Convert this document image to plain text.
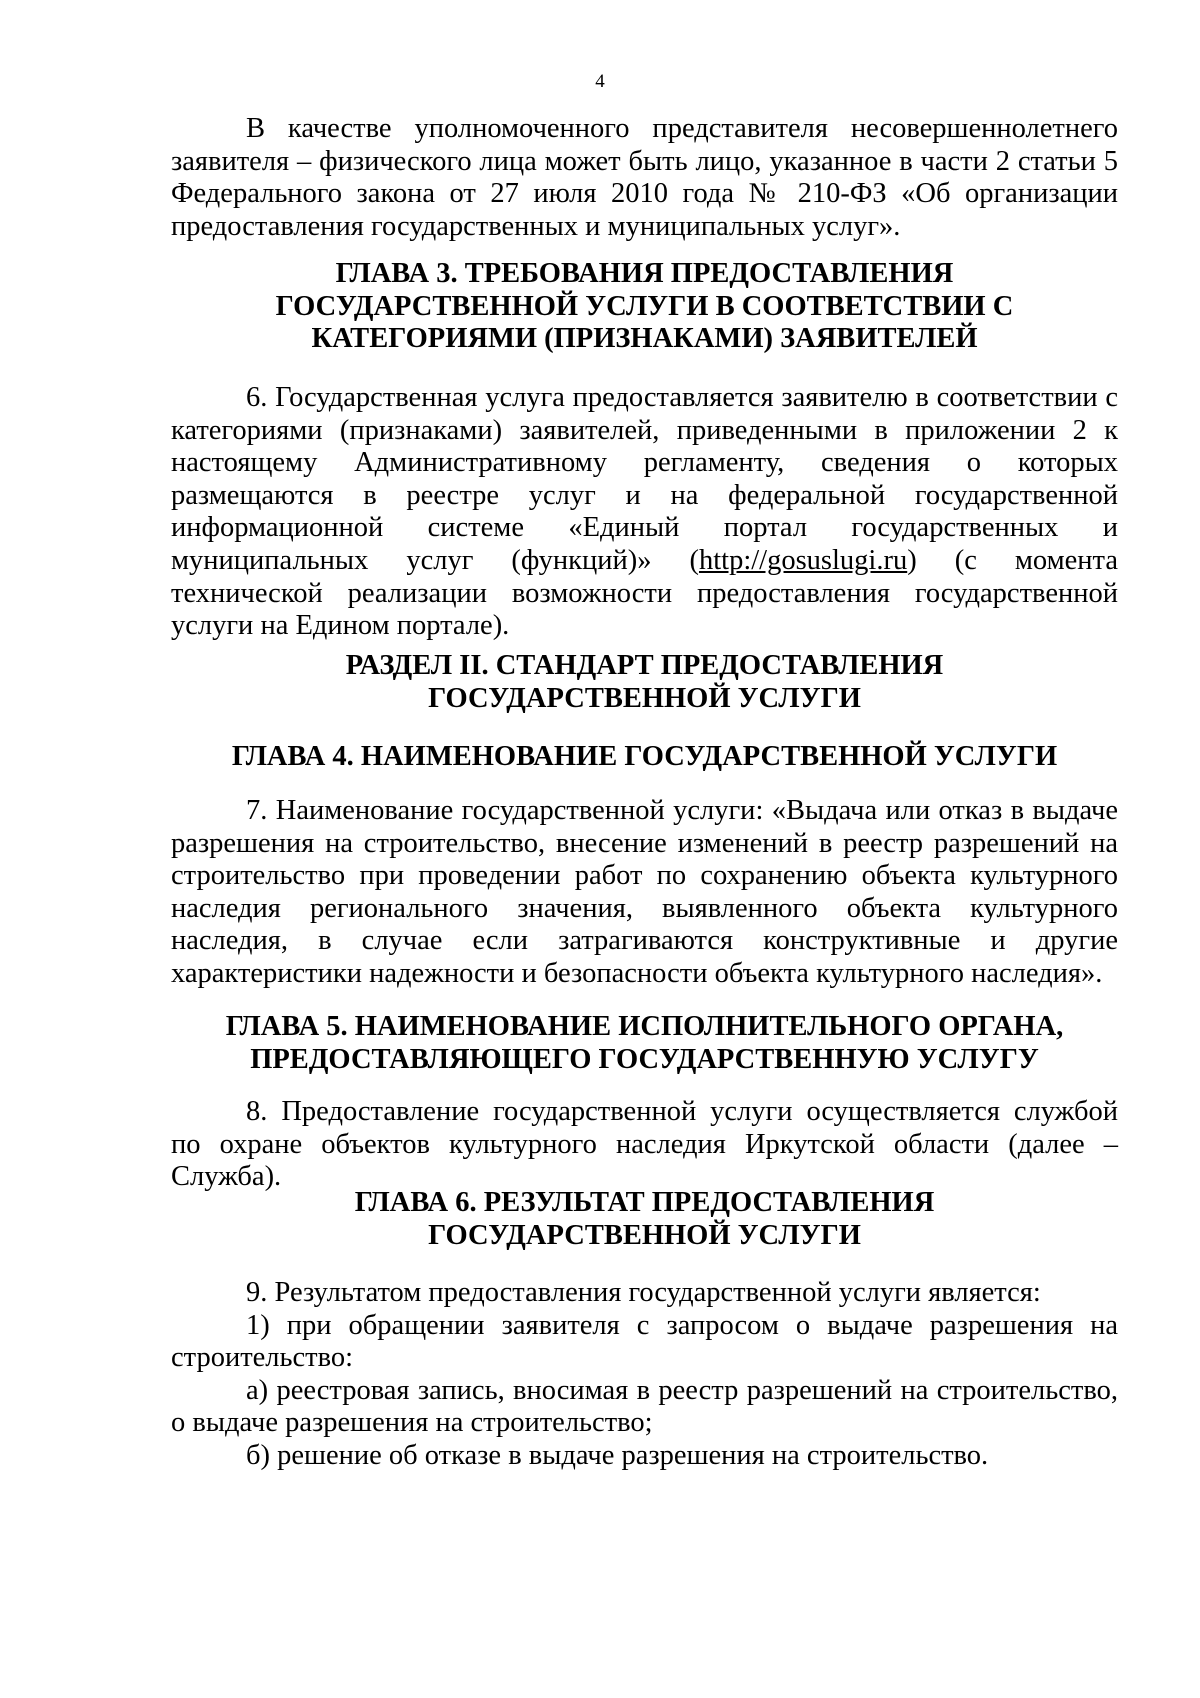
4

В качестве уполномоченного представителя несовершеннолетнего заявителя – физического лица может быть лицо, указанное в части 2 статьи 5 Федерального закона от 27 июля 2010 года № 210-ФЗ «Об организации предоставления государственных и муниципальных услуг».

ГЛАВА 3. ТРЕБОВАНИЯ ПРЕДОСТАВЛЕНИЯ
ГОСУДАРСТВЕННОЙ УСЛУГИ В СООТВЕТСТВИИ С
КАТЕГОРИЯМИ (ПРИЗНАКАМИ) ЗАЯВИТЕЛЕЙ

6. Государственная услуга предоставляется заявителю в соответствии с категориями (признаками) заявителей, приведенными в приложении 2 к настоящему Административному регламенту, сведения о которых размещаются в реестре услуг и на федеральной государственной информационной системе «Единый портал государственных и муниципальных услуг (функций)» (http://gosuslugi.ru) (с момента технической реализации возможности предоставления государственной услуги на Едином портале).

РАЗДЕЛ II. СТАНДАРТ ПРЕДОСТАВЛЕНИЯ
ГОСУДАРСТВЕННОЙ УСЛУГИ
ГЛАВА 4. НАИМЕНОВАНИЕ ГОСУДАРСТВЕННОЙ УСЛУГИ

7. Наименование государственной услуги: «Выдача или отказ в выдаче разрешения на строительство, внесение изменений в реестр разрешений на строительство при проведении работ по сохранению объекта культурного наследия регионального значения, выявленного объекта культурного наследия, в случае если затрагиваются конструктивные и другие характеристики надежности и безопасности объекта культурного наследия».

ГЛАВА 5. НАИМЕНОВАНИЕ ИСПОЛНИТЕЛЬНОГО ОРГАНА,
ПРЕДОСТАВЛЯЮЩЕГО ГОСУДАРСТВЕННУЮ УСЛУГУ

8. Предоставление государственной услуги осуществляется службой по охране объектов культурного наследия Иркутской области (далее – Служба).

ГЛАВА 6. РЕЗУЛЬТАТ ПРЕДОСТАВЛЕНИЯ
ГОСУДАРСТВЕННОЙ УСЛУГИ

9. Результатом предоставления государственной услуги является:

1) при обращении заявителя с запросом о выдаче разрешения на строительство:

а) реестровая запись, вносимая в реестр разрешений на строительство, о выдаче разрешения на строительство;

б) решение об отказе в выдаче разрешения на строительство.
